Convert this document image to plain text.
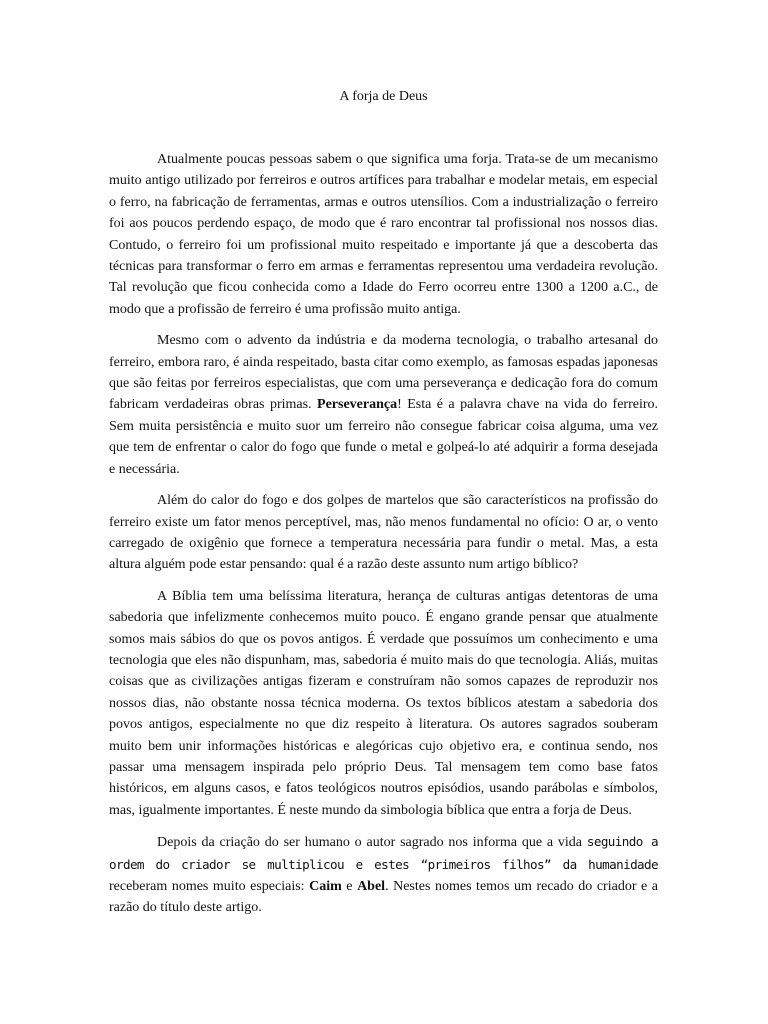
A forja de Deus

Atualmente poucas pessoas sabem o que significa uma forja. Trata-se de um mecanismo muito antigo utilizado por ferreiros e outros artífices para trabalhar e modelar metais, em especial o ferro, na fabricação de ferramentas, armas e outros utensílios. Com a industrialização o ferreiro foi aos poucos perdendo espaço, de modo que é raro encontrar tal profissional nos nossos dias. Contudo, o ferreiro foi um profissional muito respeitado e importante já que a descoberta das técnicas para transformar o ferro em armas e ferramentas representou uma verdadeira revolução. Tal revolução que ficou conhecida como a Idade do Ferro ocorreu entre 1300 a 1200 a.C., de modo que a profissão de ferreiro é uma profissão muito antiga.

Mesmo com o advento da indústria e da moderna tecnologia, o trabalho artesanal do ferreiro, embora raro, é ainda respeitado, basta citar como exemplo, as famosas espadas japonesas que são feitas por ferreiros especialistas, que com uma perseverança e dedicação fora do comum fabricam verdadeiras obras primas. Perseverança! Esta é a palavra chave na vida do ferreiro. Sem muita persistência e muito suor um ferreiro não consegue fabricar coisa alguma, uma vez que tem de enfrentar o calor do fogo que funde o metal e golpeá-lo até adquirir a forma desejada e necessária.

Além do calor do fogo e dos golpes de martelos que são característicos na profissão do ferreiro existe um fator menos perceptível, mas, não menos fundamental no ofício: O ar, o vento carregado de oxigênio que fornece a temperatura necessária para fundir o metal. Mas, a esta altura alguém pode estar pensando: qual é a razão deste assunto num artigo bíblico?

A Bíblia tem uma belíssima literatura, herança de culturas antigas detentoras de uma sabedoria que infelizmente conhecemos muito pouco. É engano grande pensar que atualmente somos mais sábios do que os povos antigos. É verdade que possuímos um conhecimento e uma tecnologia que eles não dispunham, mas, sabedoria é muito mais do que tecnologia. Aliás, muitas coisas que as civilizações antigas fizeram e construíram não somos capazes de reproduzir nos nossos dias, não obstante nossa técnica moderna. Os textos bíblicos atestam a sabedoria dos povos antigos, especialmente no que diz respeito à literatura. Os autores sagrados souberam muito bem unir informações históricas e alegóricas cujo objetivo era, e continua sendo, nos passar uma mensagem inspirada pelo próprio Deus. Tal mensagem tem como base fatos históricos, em alguns casos, e fatos teológicos noutros episódios, usando parábolas e símbolos, mas, igualmente importantes. É neste mundo da simbologia bíblica que entra a forja de Deus.

Depois da criação do ser humano o autor sagrado nos informa que a vida seguindo a ordem do criador se multiplicou e estes “primeiros filhos” da humanidade receberam nomes muito especiais: Caim e Abel. Nestes nomes temos um recado do criador e a razão do título deste artigo.
